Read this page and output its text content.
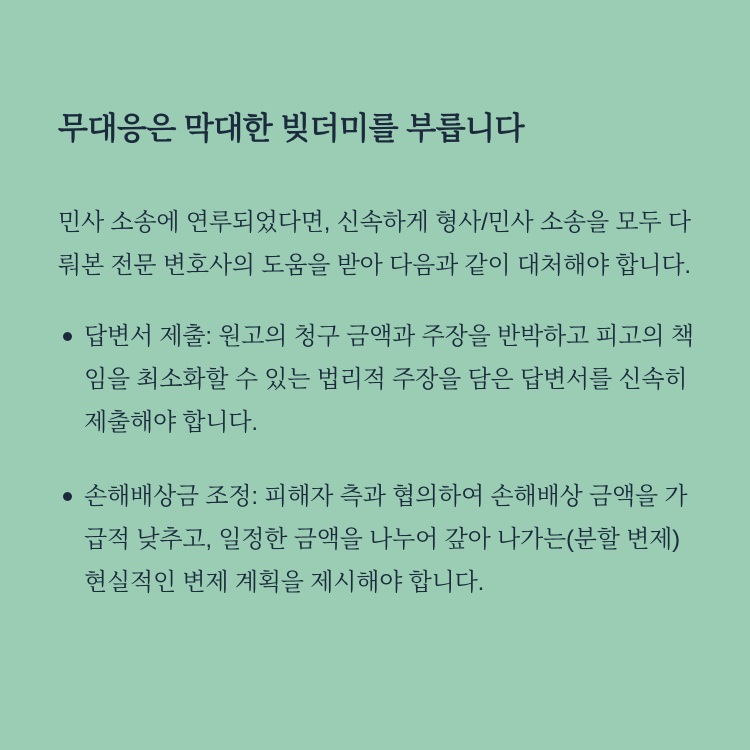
무대응은 막대한 빚더미를 부릅니다

민사 소송에 연루되었다면, 신속하게 형사/민사 소송을 모두 다뤄본 전문 변호사의 도움을 받아 다음과 같이 대처해야 합니다.

답변서 제출: 원고의 청구 금액과 주장을 반박하고 피고의 책임을 최소화할 수 있는 법리적 주장을 담은 답변서를 신속히 제출해야 합니다.
손해배상금 조정: 피해자 측과 협의하여 손해배상 금액을 가급적 낮추고, 일정한 금액을 나누어 갚아 나가는(분할 변제) 현실적인 변제 계획을 제시해야 합니다.
